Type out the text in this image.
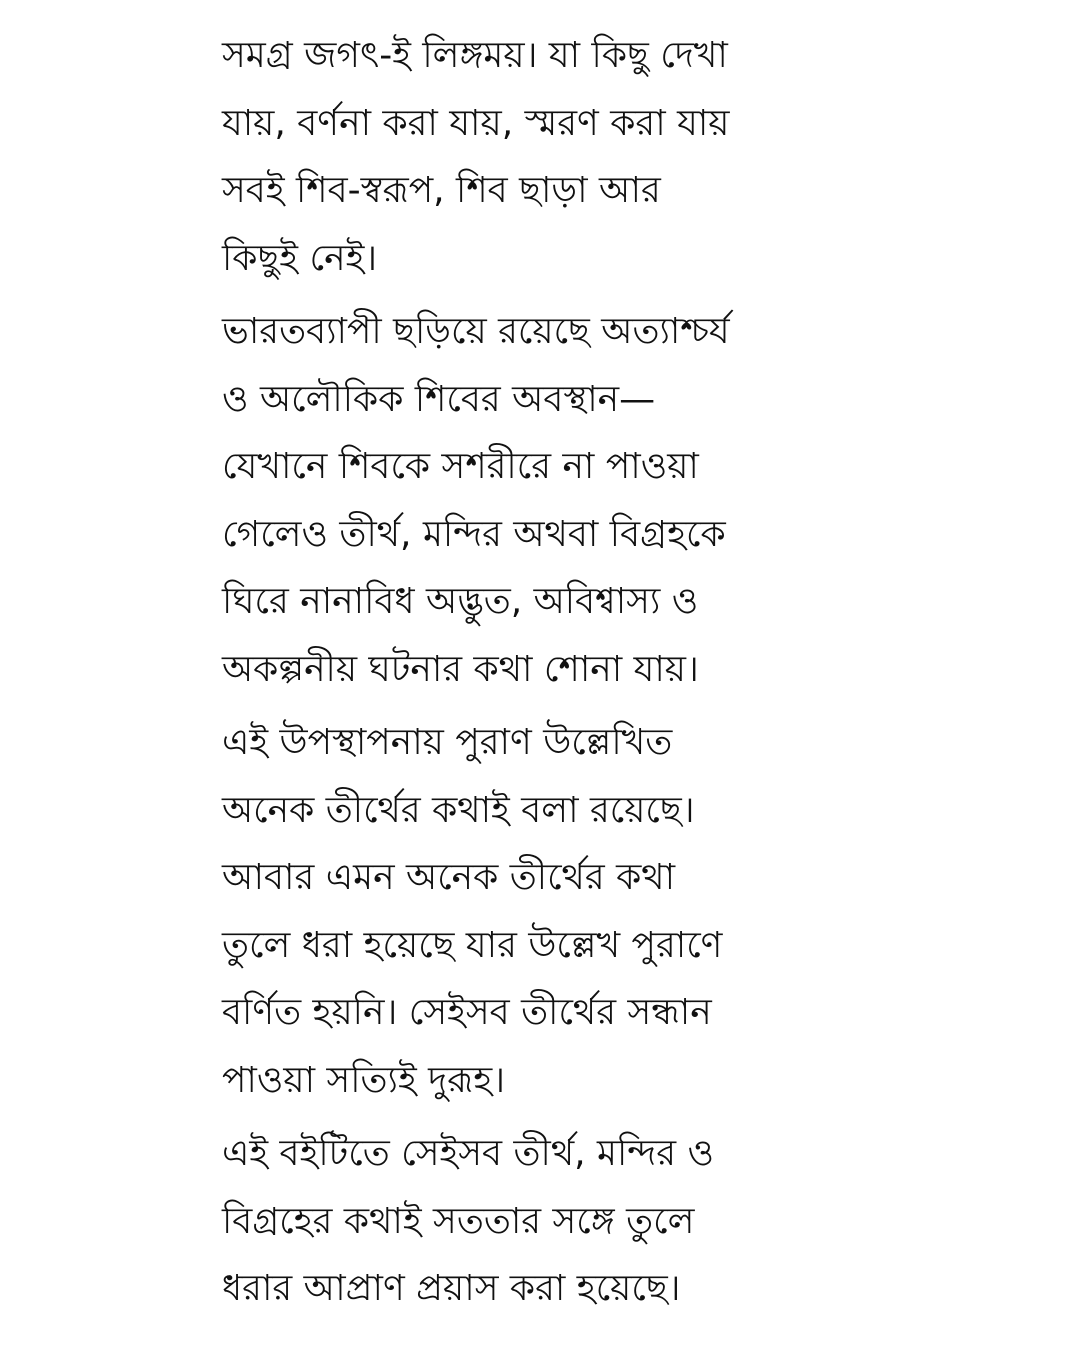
সমগ্র জগৎ-ই লিঙ্গময়। যা কিছু দেখা
যায়, বর্ণনা করা যায়, স্মরণ করা যায়
সবই শিব-স্বরূপ, শিব ছাড়া আর
কিছুই নেই।
ভারতব্যাপী ছড়িয়ে রয়েছে অত্যাশ্চর্য
ও অলৌকিক শিবের অবস্থান—
যেখানে শিবকে সশরীরে না পাওয়া
গেলেও তীর্থ, মন্দির অথবা বিগ্রহকে
ঘিরে নানাবিধ অদ্ভুত, অবিশ্বাস্য ও
অকল্পনীয় ঘটনার কথা শোনা যায়।
এই উপস্থাপনায় পুরাণ উল্লেখিত
অনেক তীর্থের কথাই বলা রয়েছে।
আবার এমন অনেক তীর্থের কথা
তুলে ধরা হয়েছে যার উল্লেখ পুরাণে
বর্ণিত হয়নি। সেইসব তীর্থের সন্ধান
পাওয়া সত্যিই দুরূহ।
এই বইটিতে সেইসব তীর্থ, মন্দির ও
বিগ্রহের কথাই সততার সঙ্গে তুলে
ধরার আপ্রাণ প্রয়াস করা হয়েছে।
